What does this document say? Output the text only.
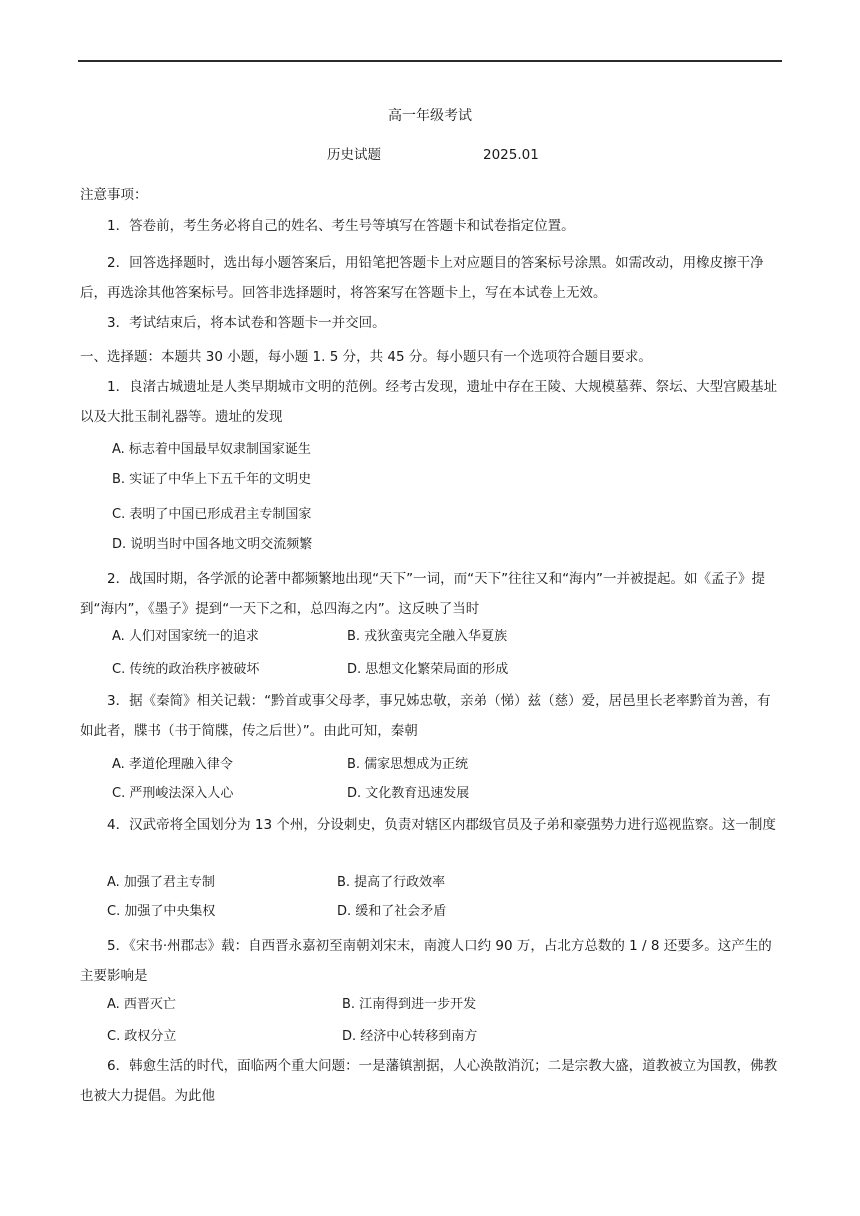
高一年级考试
历史试题	2025.01
注意事项：
1．答卷前，考生务必将自己的姓名、考生号等填写在答题卡和试卷指定位置。
2．回答选择题时，选出每小题答案后，用铅笔把答题卡上对应题目的答案标号涂黑。如需改动，用橡皮擦干净后，再选涂其他答案标号。回答非选择题时，将答案写在答题卡上，写在本试卷上无效。
3．考试结束后，将本试卷和答题卡一并交回。
一、选择题：本题共 30 小题，每小题 1. 5 分，共 45 分。每小题只有一个选项符合题目要求。
1．良渚古城遗址是人类早期城市文明的范例。经考古发现，遗址中存在王陵、大规模墓葬、祭坛、大型宫殿基址以及大批玉制礼器等。遗址的发现
A. 标志着中国最早奴隶制国家诞生
B. 实证了中华上下五千年的文明史
C. 表明了中国已形成君主专制国家
D. 说明当时中国各地文明交流频繁
2．战国时期，各学派的论著中都频繁地出现“天下”一词，而“天下”往往又和“海内”一并被提起。如《孟子》提到“海内”，《墨子》提到“一天下之和，总四海之内”。这反映了当时
A. 人们对国家统一的追求	B. 戎狄蛮夷完全融入华夏族
C. 传统的政治秩序被破坏	D. 思想文化繁荣局面的形成
3．据《秦简》相关记载：“黔首或事父母孝，事兄姊忠敬，亲弟（悌）兹（慈）爱，居邑里长老率黔首为善，有如此者，牒书（书于简牒，传之后世）”。由此可知，秦朝
A. 孝道伦理融入律令	B. 儒家思想成为正统
C. 严刑峻法深入人心	D. 文化教育迅速发展
4．汉武帝将全国划分为 13 个州，分设刺史，负责对辖区内郡级官员及子弟和豪强势力进行巡视监察。这一制度
A. 加强了君主专制	B. 提高了行政效率
C. 加强了中央集权	D. 缓和了社会矛盾
5．《宋书·州郡志》载：自西晋永嘉初至南朝刘宋末，南渡人口约 90 万，占北方总数的 1 / 8 还要多。这产生的主要影响是
A. 西晋灭亡	B. 江南得到进一步开发
C. 政权分立	D. 经济中心转移到南方
6．韩愈生活的时代，面临两个重大问题：一是藩镇割据，人心涣散消沉；二是宗教大盛，道教被立为国教，佛教也被大力提倡。为此他
